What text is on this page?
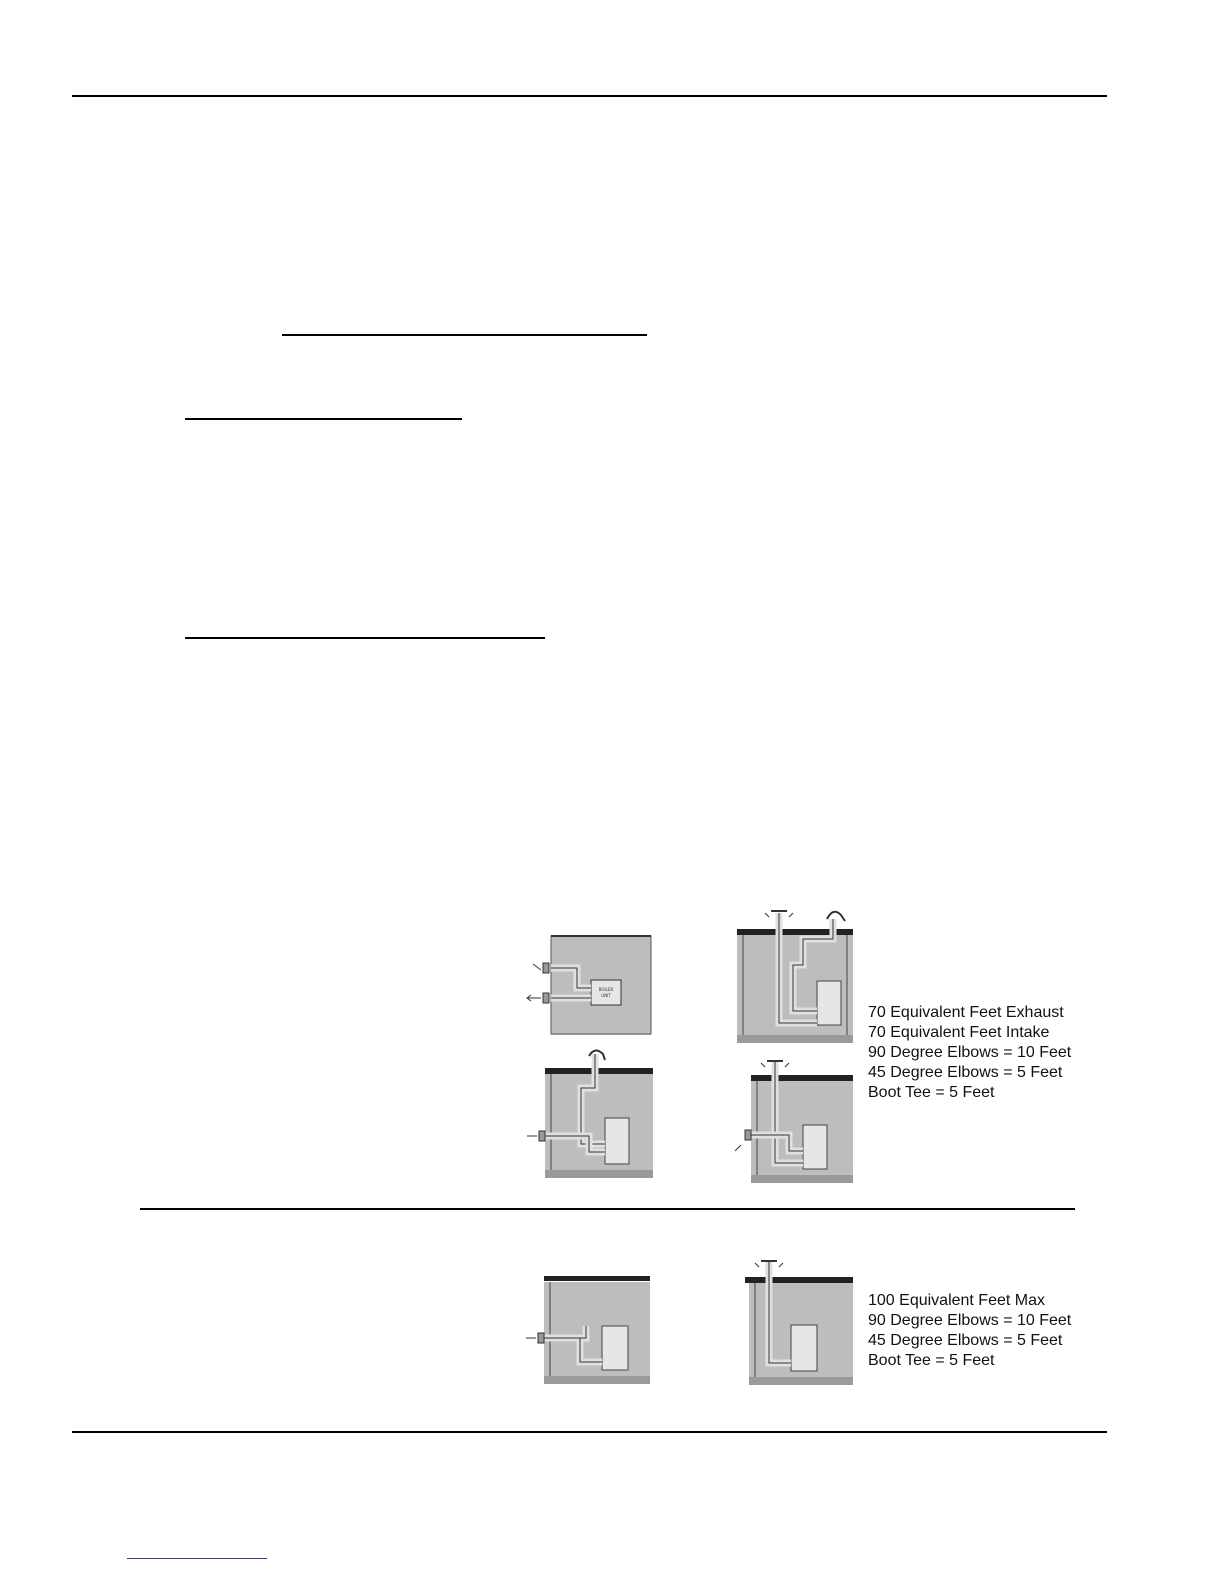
BOILER
UNIT
70 Equivalent Feet Exhaust
70 Equivalent Feet Intake
90 Degree Elbows = 10 Feet
45 Degree Elbows = 5 Feet
Boot Tee = 5 Feet
100 Equivalent Feet Max
90 Degree Elbows = 10 Feet
45 Degree Elbows = 5 Feet
Boot Tee = 5 Feet
